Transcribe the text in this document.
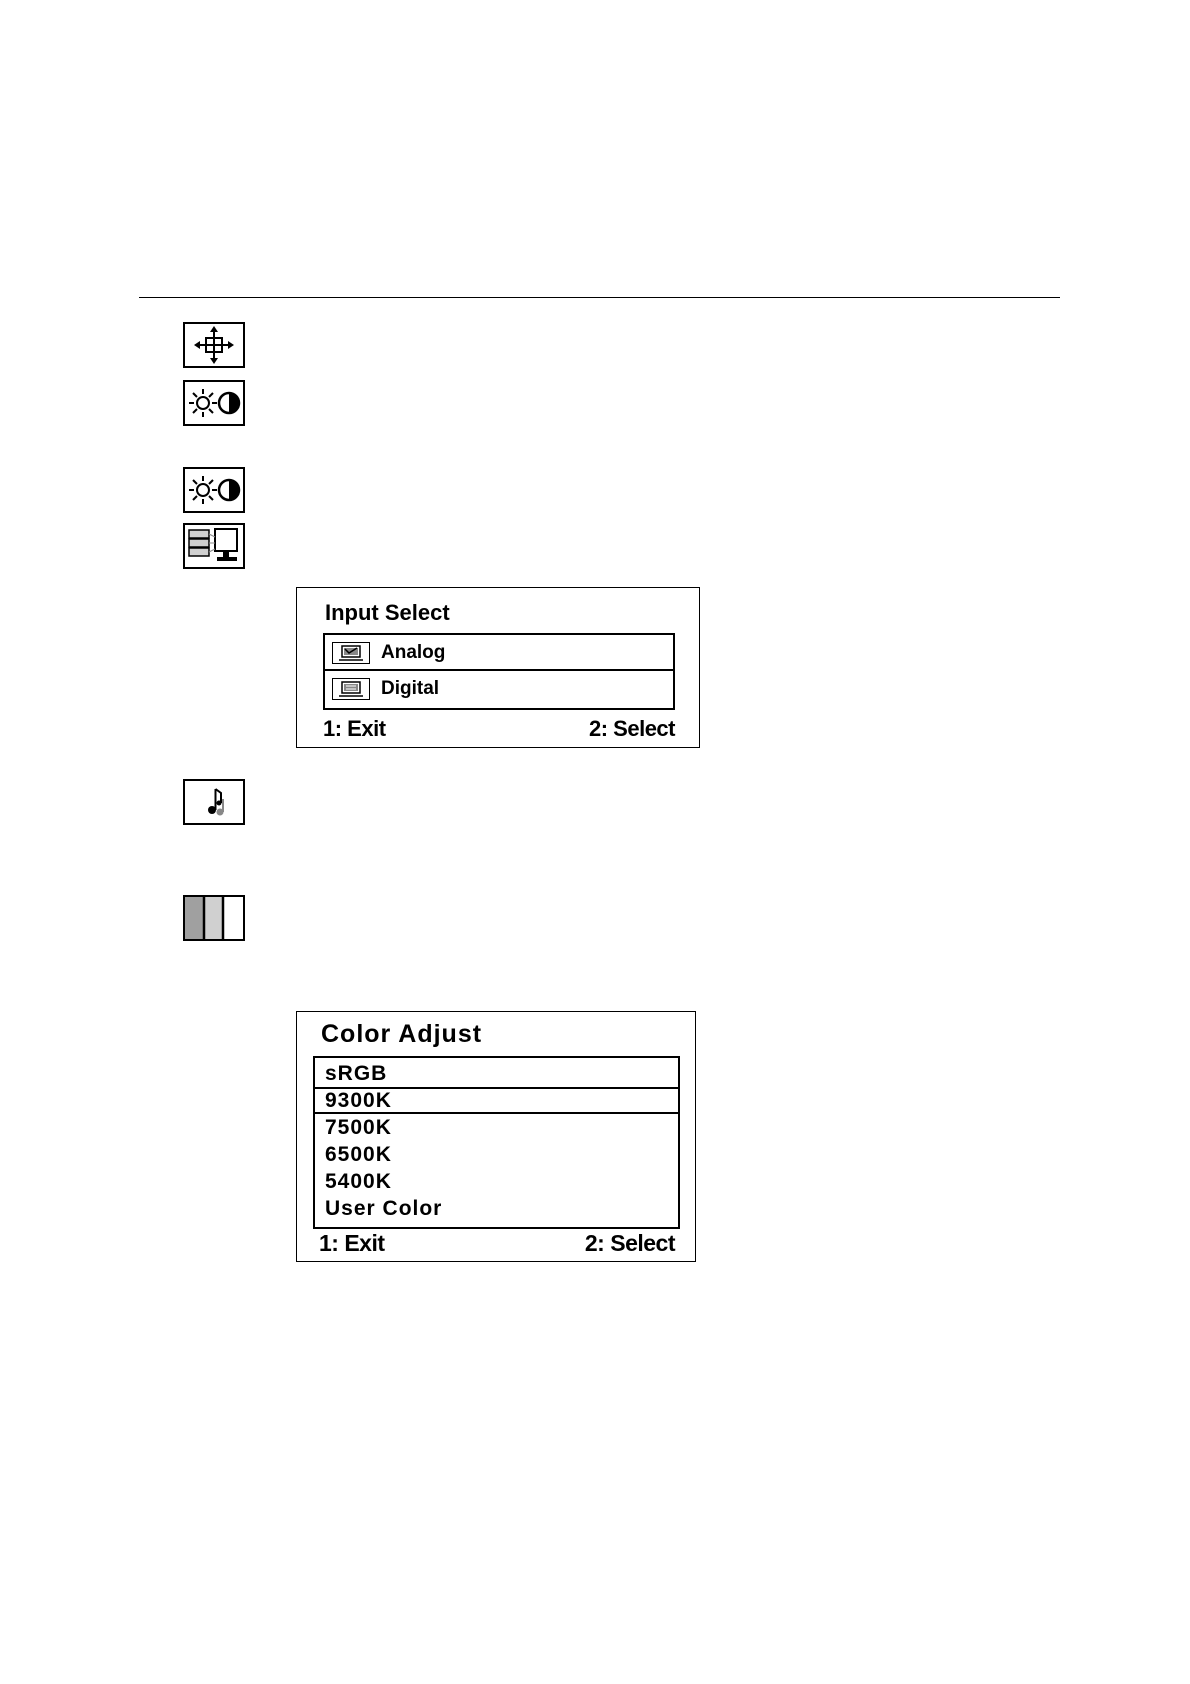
Input Select
Analog
Digital
1: Exit	2: Select
Color Adjust
sRGB
9300K
7500K
6500K
5400K
User Color
1: Exit	2: Select
